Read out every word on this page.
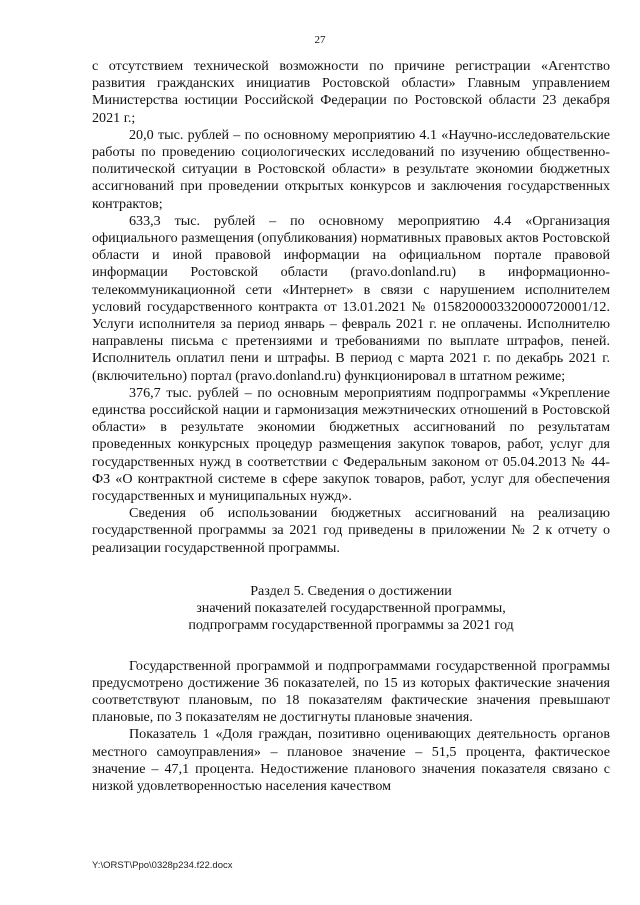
27

с отсутствием технической возможности по причине регистрации «Агентство развития гражданских инициатив Ростовской области» Главным управлением Министерства юстиции Российской Федерации по Ростовской области 23 декабря 2021 г.;

20,0 тыс. рублей – по основному мероприятию 4.1 «Научно-исследовательские работы по проведению социологических исследований по изучению общественно-политической ситуации в Ростовской области» в результате экономии бюджетных ассигнований при проведении открытых конкурсов и заключения государственных контрактов;

633,3 тыс. рублей – по основному мероприятию 4.4 «Организация официального размещения (опубликования) нормативных правовых актов Ростовской области и иной правовой информации на официальном портале правовой информации Ростовской области (pravo.donland.ru) в информационно-телекоммуникационной сети «Интернет» в связи с нарушением исполнителем условий государственного контракта от 13.01.2021 № 0158200003320000720001/12. Услуги исполнителя за период январь – февраль 2021 г. не оплачены. Исполнителю направлены письма с претензиями и требованиями по выплате штрафов, пеней. Исполнитель оплатил пени и штрафы. В период с марта 2021 г. по декабрь 2021 г. (включительно) портал (pravo.donland.ru) функционировал в штатном режиме;

376,7 тыс. рублей – по основным мероприятиям подпрограммы «Укрепление единства российской нации и гармонизация межэтнических отношений в Ростовской области» в результате экономии бюджетных ассигнований по результатам проведенных конкурсных процедур размещения закупок товаров, работ, услуг для государственных нужд в соответствии с Федеральным законом от 05.04.2013 № 44-ФЗ «О контрактной системе в сфере закупок товаров, работ, услуг для обеспечения государственных и муниципальных нужд».

Сведения об использовании бюджетных ассигнований на реализацию государственной программы за 2021 год приведены в приложении № 2 к отчету о реализации государственной программы.

Раздел 5. Сведения о достижении
значений показателей государственной программы,
подпрограмм государственной программы за 2021 год

Государственной программой и подпрограммами государственной программы предусмотрено достижение 36 показателей, по 15 из которых фактические значения соответствуют плановым, по 18 показателям фактические значения превышают плановые, по 3 показателям не достигнуты плановые значения.

Показатель 1 «Доля граждан, позитивно оценивающих деятельность органов местного самоуправления» – плановое значение – 51,5 процента, фактическое значение – 47,1 процента. Недостижение планового значения показателя связано с низкой удовлетворенностью населения качеством

Y:\ORST\Ppo\0328p234.f22.docx
